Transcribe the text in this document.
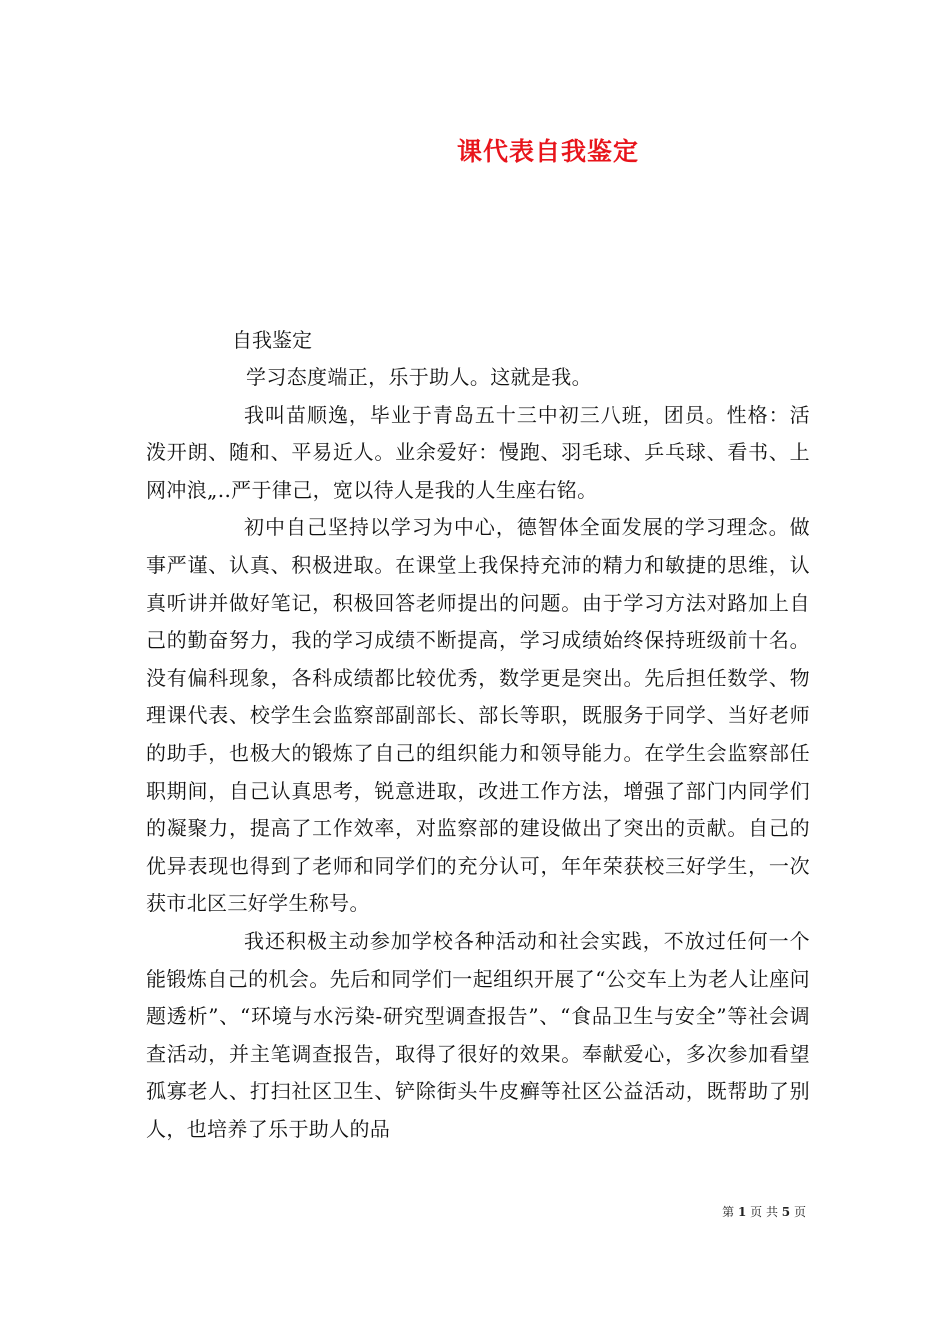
课代表自我鉴定
自我鉴定

学习态度端正，乐于助人。这就是我。

我叫苗顺逸，毕业于青岛五十三中初三八班，团员。性格：活泼开朗、随和、平易近人。业余爱好：慢跑、羽毛球、乒乓球、看书、上网冲浪„..严于律己，宽以待人是我的人生座右铭。

初中自己坚持以学习为中心，德智体全面发展的学习理念。做事严谨、认真、积极进取。在课堂上我保持充沛的精力和敏捷的思维，认真听讲并做好笔记，积极回答老师提出的问题。由于学习方法对路加上自己的勤奋努力，我的学习成绩不断提高，学习成绩始终保持班级前十名。没有偏科现象，各科成绩都比较优秀，数学更是突出。先后担任数学、物理课代表、校学生会监察部副部长、部长等职，既服务于同学、当好老师的助手，也极大的锻炼了自己的组织能力和领导能力。在学生会监察部任职期间，自己认真思考，锐意进取，改进工作方法，增强了部门内同学们的凝聚力，提高了工作效率，对监察部的建设做出了突出的贡献。自己的优异表现也得到了老师和同学们的充分认可，年年荣获校三好学生，一次获市北区三好学生称号。

我还积极主动参加学校各种活动和社会实践，不放过任何一个能锻炼自己的机会。先后和同学们一起组织开展了“公交车上为老人让座问题透析”、“环境与水污染-研究型调查报告”、“食品卫生与安全”等社会调查活动，并主笔调查报告，取得了很好的效果。奉献爱心，多次参加看望孤寡老人、打扫社区卫生、铲除街头牛皮癣等社区公益活动，既帮助了别人，也培养了乐于助人的品

第 1 页 共 5 页
